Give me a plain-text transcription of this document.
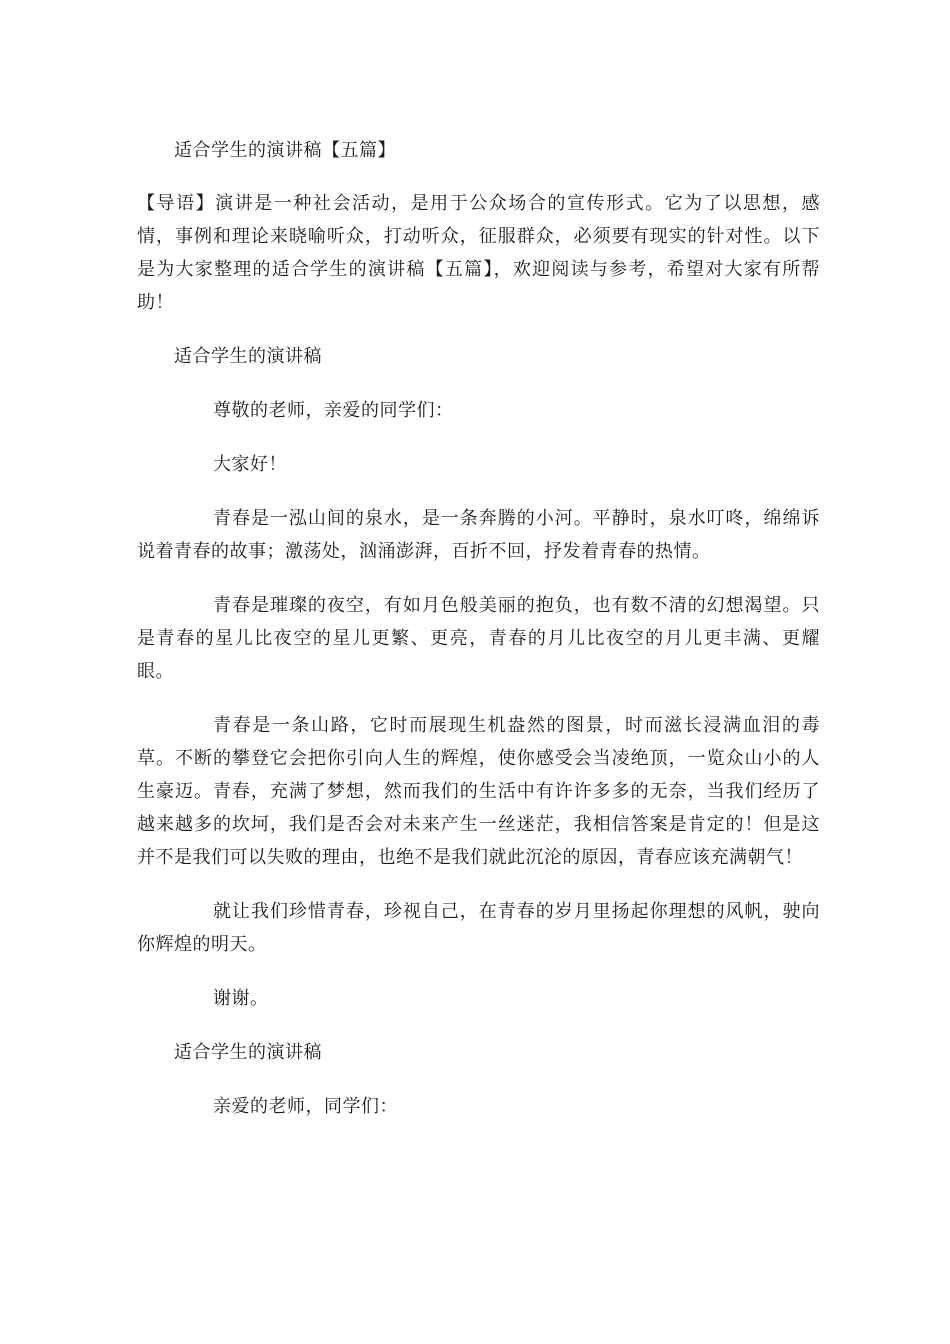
适合学生的演讲稿【五篇】

【导语】演讲是一种社会活动，是用于公众场合的宣传形式。它为了以思想，感情，事例和理论来晓喻听众，打动听众，征服群众，必须要有现实的针对性。以下是为大家整理的适合学生的演讲稿【五篇】，欢迎阅读与参考，希望对大家有所帮助！

适合学生的演讲稿

尊敬的老师，亲爱的同学们：

大家好！

青春是一泓山间的泉水，是一条奔腾的小河。平静时，泉水叮咚，绵绵诉说着青春的故事；激荡处，汹涌澎湃，百折不回，抒发着青春的热情。

青春是璀璨的夜空，有如月色般美丽的抱负，也有数不清的幻想渴望。只是青春的星儿比夜空的星儿更繁、更亮，青春的月儿比夜空的月儿更丰满、更耀眼。

青春是一条山路，它时而展现生机盎然的图景，时而滋长浸满血泪的毒草。不断的攀登它会把你引向人生的辉煌，使你感受会当凌绝顶，一览众山小的人生豪迈。青春，充满了梦想，然而我们的生活中有许许多多的无奈，当我们经历了越来越多的坎坷，我们是否会对未来产生一丝迷茫，我相信答案是肯定的！但是这并不是我们可以失败的理由，也绝不是我们就此沉沦的原因，青春应该充满朝气！

就让我们珍惜青春，珍视自己，在青春的岁月里扬起你理想的风帆，驶向你辉煌的明天。

谢谢。

适合学生的演讲稿

亲爱的老师，同学们：
